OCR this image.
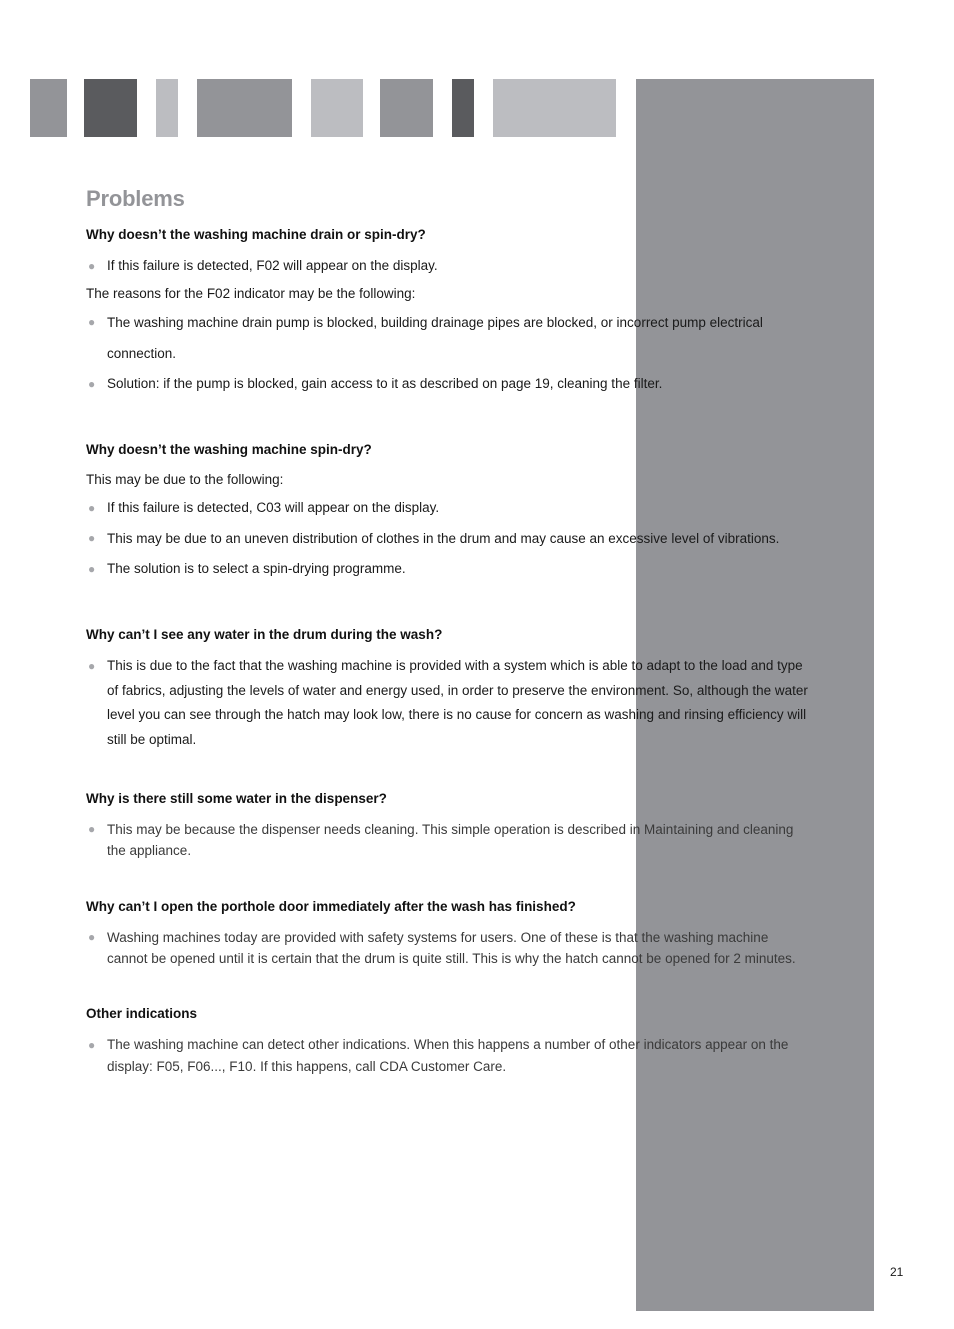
Problems

Why doesn’t the washing machine drain or spin-dry?

● If this failure is detected, F02 will appear on the display.

The reasons for the F02 indicator may be the following:

● The washing machine drain pump is blocked, building drainage pipes are blocked, or incorrect pump electrical
connection.
● Solution: if the pump is blocked, gain access to it as described on page 19, cleaning the filter.

Why doesn’t the washing machine spin-dry?

This may be due to the following:

● If this failure is detected, C03 will appear on the display.
● This may be due to an uneven distribution of clothes in the drum and may cause an excessive level of vibrations.
● The solution is to select a spin-drying programme.

Why can’t I see any water in the drum during the wash?

● This is due to the fact that the washing machine is provided with a system which is able to adapt to the load and type
of fabrics, adjusting the levels of water and energy used, in order to preserve the environment. So, although the water
level you can see through the hatch may look low, there is no cause for concern as washing and rinsing efficiency will
still be optimal.

Why is there still some water in the dispenser?

● This may be because the dispenser needs cleaning. This simple operation is described in Maintaining and cleaning
the appliance.

Why can’t I open the porthole door immediately after the wash has finished?

● Washing machines today are provided with safety systems for users. One of these is that the washing machine
cannot be opened until it is certain that the drum is quite still. This is why the hatch cannot be opened for 2 minutes.

Other indications

● The washing machine can detect other indications. When this happens a number of other indicators appear on the
display: F05, F06..., F10. If this happens, call CDA Customer Care.
21
